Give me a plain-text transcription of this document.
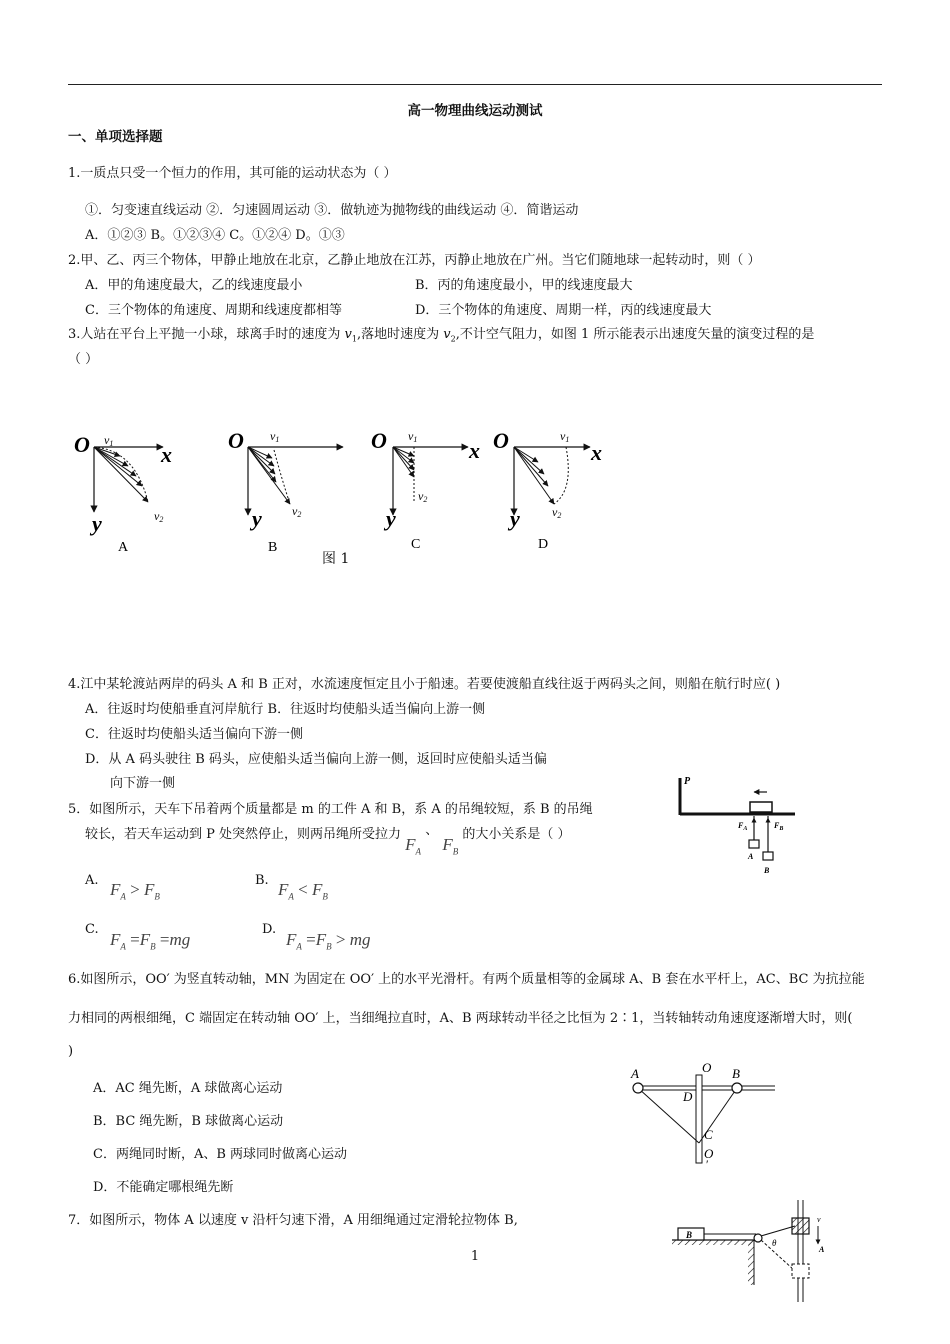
高一物理曲线运动测试
一、单项选择题
1.一质点只受一个恒力的作用，其可能的运动状态为（ ）
①．匀变速直线运动 ②．匀速圆周运动 ③．做轨迹为抛物线的曲线运动 ④．简谐运动
A．①②③ B。①②③④ C。①②④ D。①③
2.甲、乙、丙三个物体，甲静止地放在北京，乙静止地放在江苏，丙静止地放在广州。当它们随地球一起转动时，则（ ）
A．甲的角速度最大，乙的线速度最小	B．丙的角速度最小，甲的线速度最大
C．三个物体的角速度、周期和线速度都相等	D．三个物体的角速度、周期一样，丙的线速度最大
3.人站在平台上平抛一小球，球离手时的速度为 $v_1$,落地时速度为 $v_2$,不计空气阻力，如图 1 所示能表示出速度矢量的演变过程的是
（ ）
O v1 x
y	v2
A
O v1
y	v2
B
O v1
v2
x
y
C
O	v1
x
y	v2
D
图 1
4.江中某轮渡站两岸的码头 A 和 B 正对，水流速度恒定且小于船速。若要使渡船直线往返于两码头之间，则船在航行时应( )
A．往返时均使船垂直河岸航行 B．往返时均使船头适当偏向上游一侧
C．往返时均使船头适当偏向下游一侧
D．从 A 码头驶往 B 码头，应使船头适当偏向上游一侧，返回时应使船头适当偏
向下游一侧
5．如图所示，天车下吊着两个质量都是 m 的工件 A 和 B，系 A 的吊绳较短，系 B 的吊绳
较长，若天车运动到 P 处突然停止，则两吊绳所受拉力 $F_A$ 、 $F_B$ 的大小关系是（ ）
A. $F_A > F_B$
B. $F_A < F_B$
C.
$F_A =F_B =mg$
D.
$F_A =F_B$ > mg
P
$F_A$	$F_B$
A
B
6.如图所示，OO′ 为竖直转动轴，MN 为固定在 OO′ 上的水平光滑杆。有两个质量相等的金属球 A、B 套在水平杆上，AC、BC 为抗拉能
力相同的两根细绳，C 端固定在转动轴 OO′ 上，当细绳拉直时，A、B 两球转动半径之比恒为 2∶1，当转轴转动角速度逐渐增大时，则(
)
A．AC 绳先断，A 球做离心运动
B．BC 绳先断，B 球做离心运动
C．两绳同时断，A、B 两球同时做离心运动
D．不能确定哪根绳先断
A	B
O
D
C
O
′
7．如图所示，物体 A 以速度 v 沿杆匀速下滑，A 用细绳通过定滑轮拉物体 B,
B
v
A
θ
1
